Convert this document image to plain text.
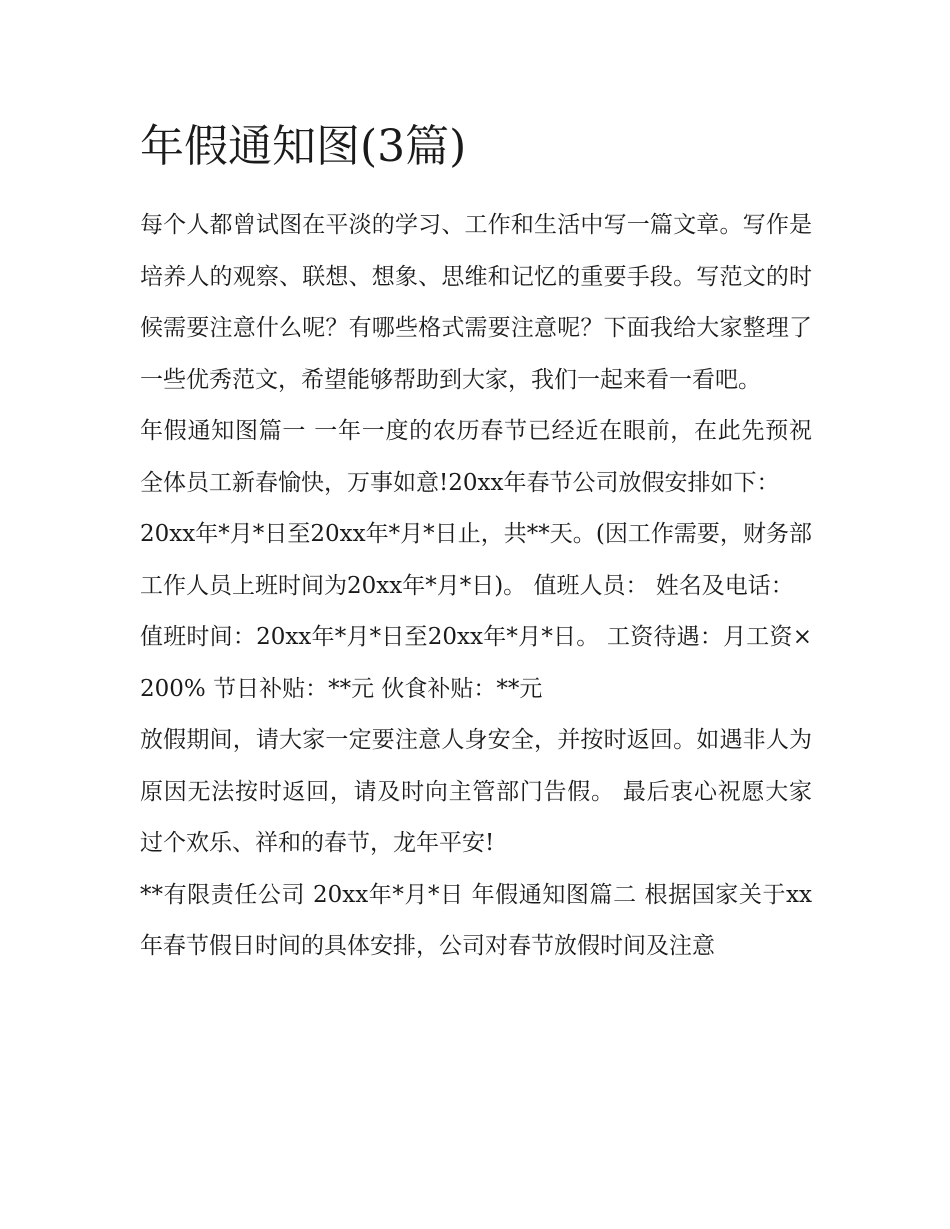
年假通知图(3篇)

每个人都曾试图在平淡的学习、工作和生活中写一篇文章。写作是培养人的观察、联想、想象、思维和记忆的重要手段。写范文的时候需要注意什么呢？有哪些格式需要注意呢？下面我给大家整理了一些优秀范文，希望能够帮助到大家，我们一起来看一看吧。

年假通知图篇一 一年一度的农历春节已经近在眼前，在此先预祝全体员工新春愉快，万事如意!20xx年春节公司放假安排如下：

20xx年*月*日至20xx年*月*日止，共**天。(因工作需要，财务部工作人员上班时间为20xx年*月*日)。 值班人员： 姓名及电话：

值班时间：20xx年*月*日至20xx年*月*日。 工资待遇：月工资×200% 节日补贴：**元 伙食补贴：**元

放假期间，请大家一定要注意人身安全，并按时返回。如遇非人为原因无法按时返回，请及时向主管部门告假。 最后衷心祝愿大家过个欢乐、祥和的春节，龙年平安!

**有限责任公司 20xx年*月*日 年假通知图篇二 根据国家关于xx年春节假日时间的具体安排，公司对春节放假时间及注意
